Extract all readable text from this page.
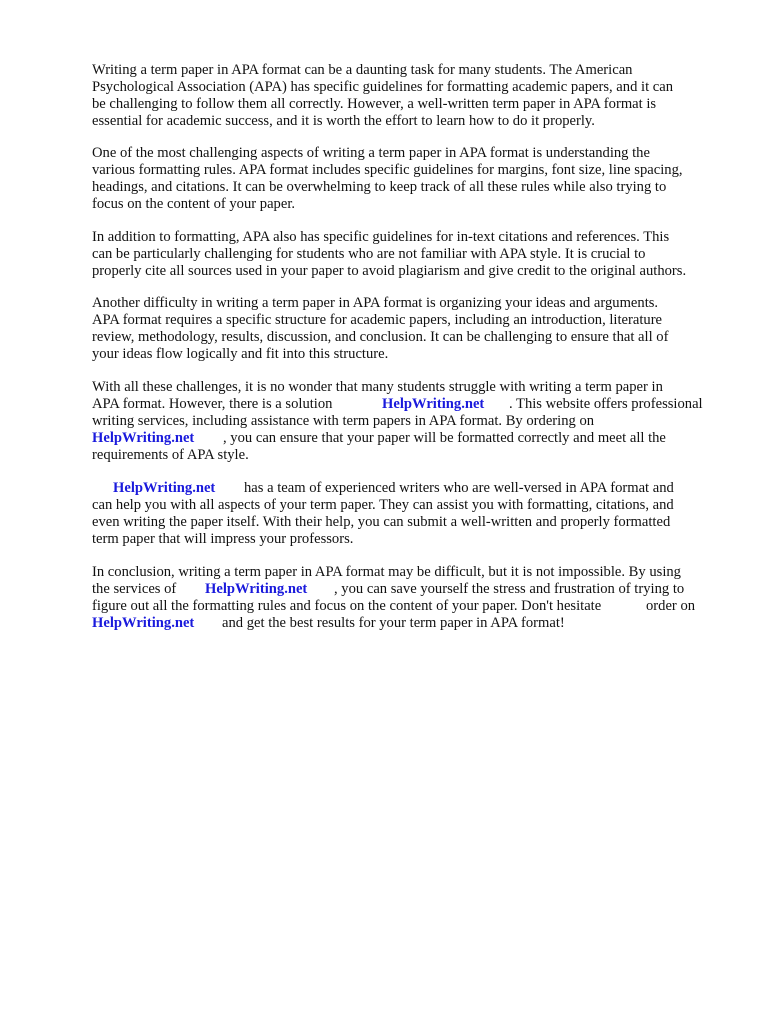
Writing a term paper in APA format can be a daunting task for many students. The American
Psychological Association (APA) has specific guidelines for formatting academic papers, and it can
be challenging to follow them all correctly. However, a well-written term paper in APA format is
essential for academic success, and it is worth the effort to learn how to do it properly.
One of the most challenging aspects of writing a term paper in APA format is understanding the
various formatting rules. APA format includes specific guidelines for margins, font size, line spacing,
headings, and citations. It can be overwhelming to keep track of all these rules while also trying to
focus on the content of your paper.
In addition to formatting, APA also has specific guidelines for in-text citations and references. This
can be particularly challenging for students who are not familiar with APA style. It is crucial to
properly cite all sources used in your paper to avoid plagiarism and give credit to the original authors.
Another difficulty in writing a term paper in APA format is organizing your ideas and arguments.
APA format requires a specific structure for academic papers, including an introduction, literature
review, methodology, results, discussion, and conclusion. It can be challenging to ensure that all of
your ideas flow logically and fit into this structure.
With all these challenges, it is no wonder that many students struggle with writing a term paper in
APA format. However, there is a solution	HelpWriting.net . This website offers professional
writing services, including assistance with term papers in APA format. By ordering on
HelpWriting.net , you can ensure that your paper will be formatted correctly and meet all the
requirements of APA style.
HelpWriting.net has a team of experienced writers who are well-versed in APA format and
can help you with all aspects of your term paper. They can assist you with formatting, citations, and
even writing the paper itself. With their help, you can submit a well-written and properly formatted
term paper that will impress your professors.
In conclusion, writing a term paper in APA format may be difficult, but it is not impossible. By using
the services of HelpWriting.net , you can save yourself the stress and frustration of trying to
figure out all the formatting rules and focus on the content of your paper. Don't hesitate	order on
HelpWriting.net and get the best results for your term paper in APA format!
